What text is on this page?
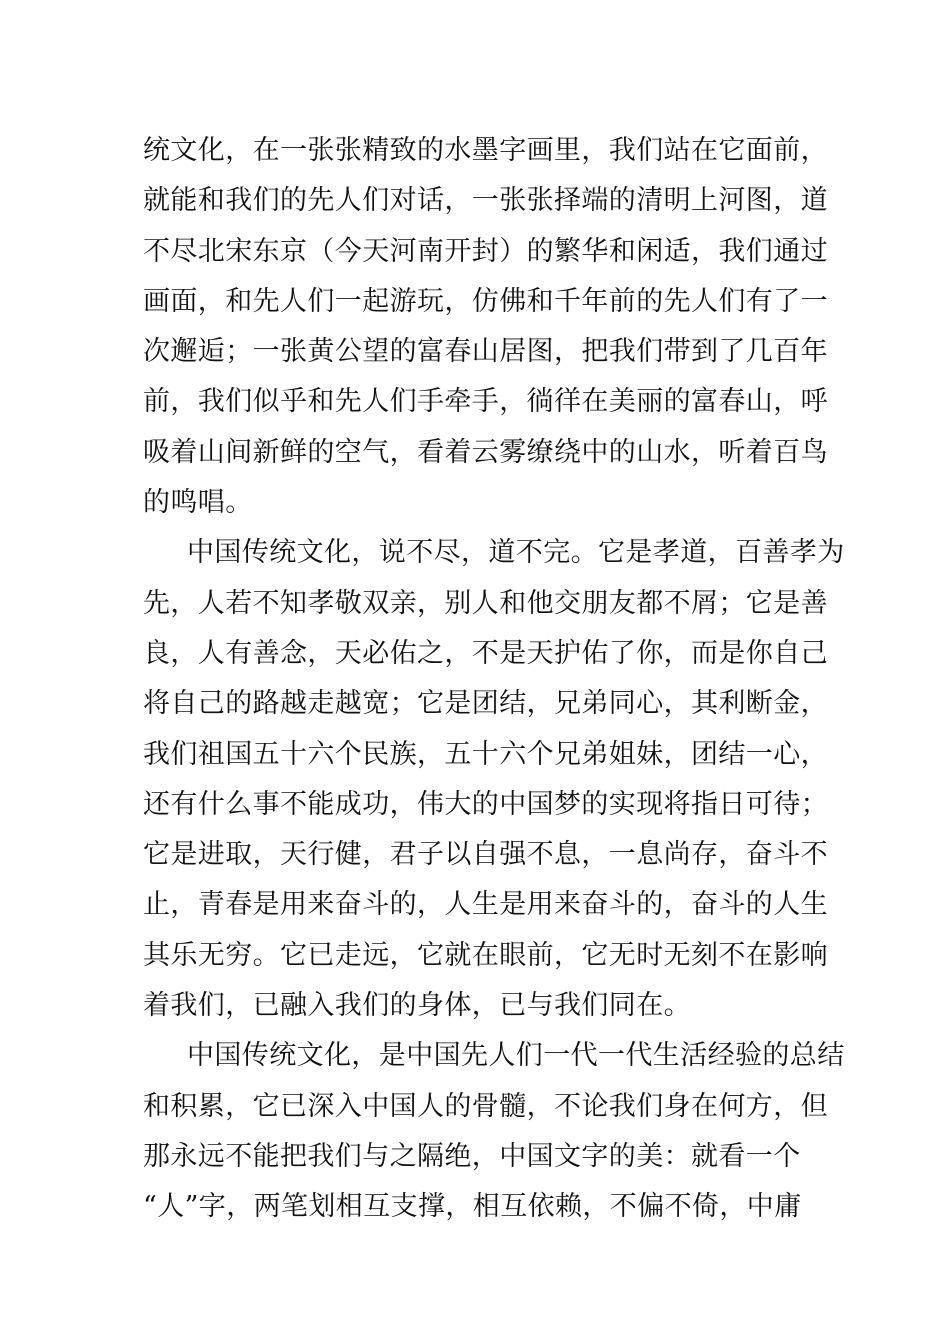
统文化，在一张张精致的水墨字画里，我们站在它面前，
就能和我们的先人们对话，一张张择端的清明上河图，道
不尽北宋东京（今天河南开封）的繁华和闲适，我们通过
画面，和先人们一起游玩，仿佛和千年前的先人们有了一
次邂逅；一张黄公望的富春山居图，把我们带到了几百年
前，我们似乎和先人们手牵手，徜徉在美丽的富春山，呼
吸着山间新鲜的空气，看着云雾缭绕中的山水，听着百鸟
的鸣唱。
中国传统文化，说不尽，道不完。它是孝道，百善孝为
先，人若不知孝敬双亲，别人和他交朋友都不屑；它是善
良，人有善念，天必佑之，不是天护佑了你，而是你自己
将自己的路越走越宽；它是团结，兄弟同心，其利断金，
我们祖国五十六个民族，五十六个兄弟姐妹，团结一心，
还有什么事不能成功，伟大的中国梦的实现将指日可待；
它是进取，天行健，君子以自强不息，一息尚存，奋斗不
止，青春是用来奋斗的，人生是用来奋斗的，奋斗的人生
其乐无穷。它已走远，它就在眼前，它无时无刻不在影响
着我们，已融入我们的身体，已与我们同在。
中国传统文化，是中国先人们一代一代生活经验的总结
和积累，它已深入中国人的骨髓，不论我们身在何方，但
那永远不能把我们与之隔绝，中国文字的美：就看一个
“人”字，两笔划相互支撑，相互依赖，不偏不倚，中庸
